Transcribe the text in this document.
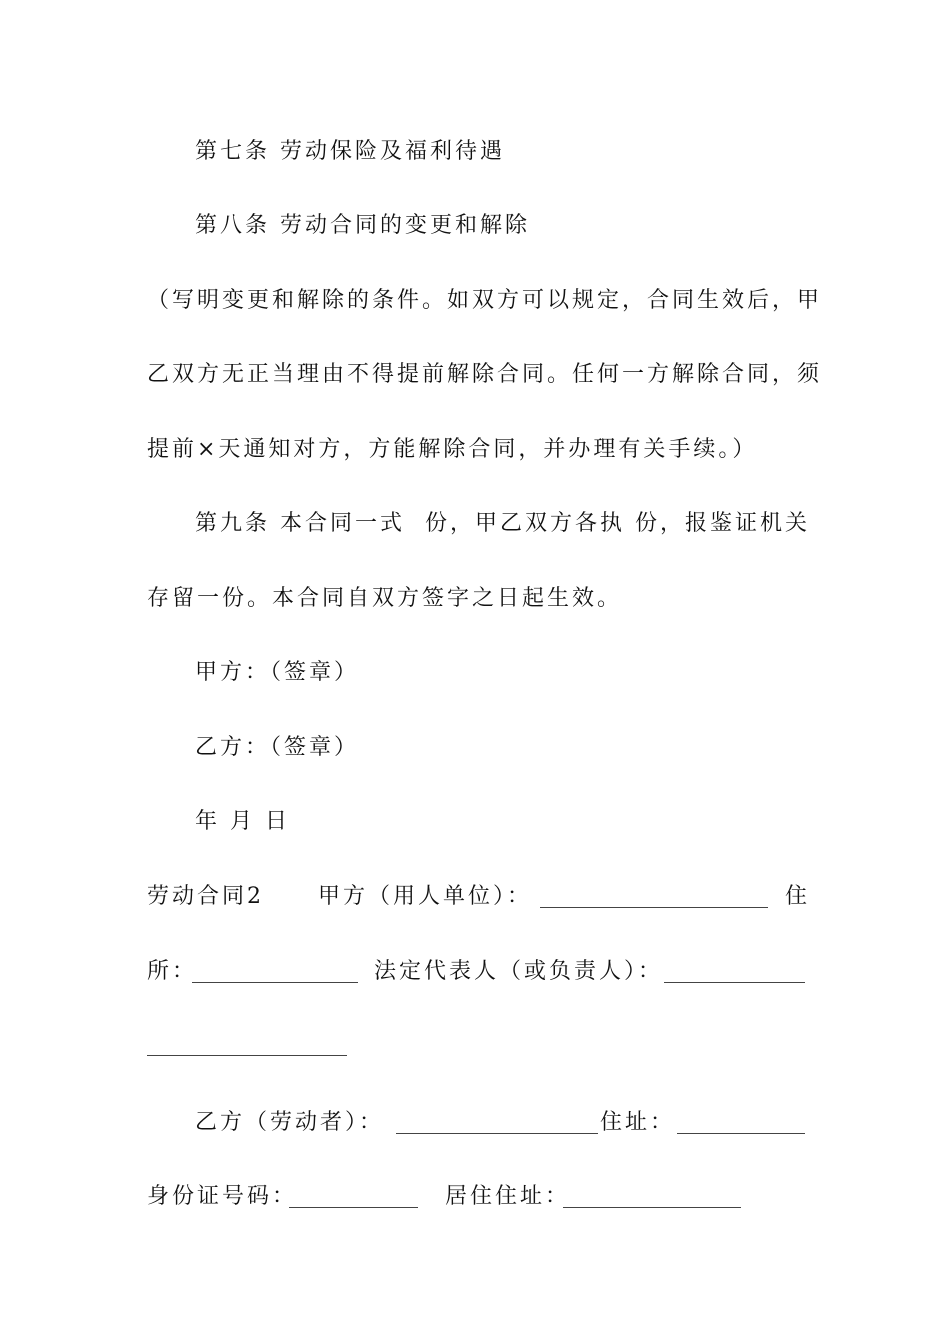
第七条 劳动保险及福利待遇
第八条 劳动合同的变更和解除
（写明变更和解除的条件。如双方可以规定，合同生效后，甲
乙双方无正当理由不得提前解除合同。任何一方解除合同，须
提前×天通知对方，方能解除合同，并办理有关手续。）
第九条 本合同一式  份，甲乙双方各执 份，报鉴证机关
存留一份。本合同自双方签字之日起生效。
甲方：（签章）
乙方：（签章）
年 月 日
劳动合同2 甲方（用人单位）：	住
所：	法定代表人（或负责人）：
乙方（劳动者）：	住址：
身份证号码：	居住住址：
